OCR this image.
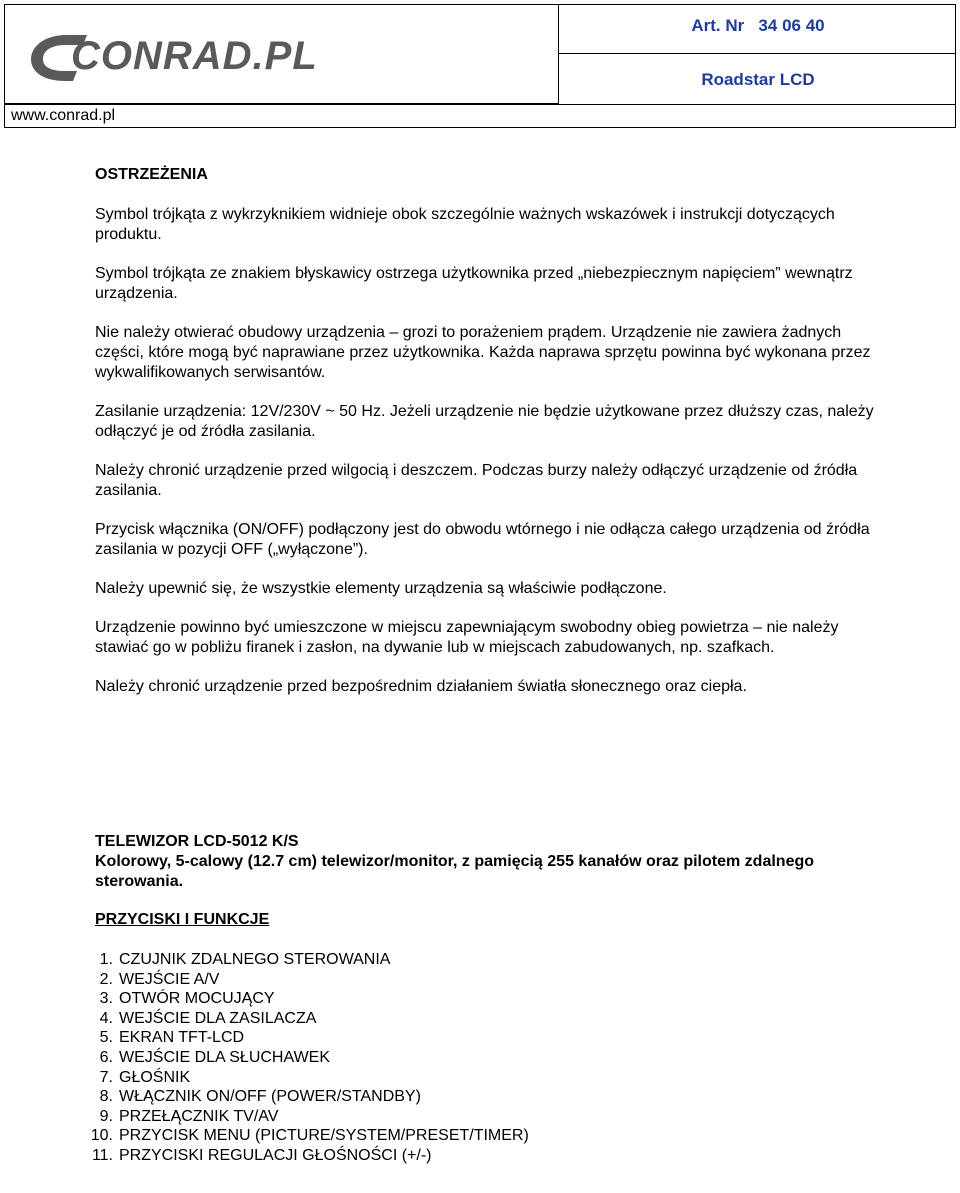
CONRAD.PL
Art. Nr   34 06 40
Roadstar LCD
www.conrad.pl

OSTRZEŻENIA

Symbol trójkąta z wykrzyknikiem widnieje obok szczególnie ważnych wskazówek i instrukcji dotyczących produktu.

Symbol trójkąta ze znakiem błyskawicy ostrzega użytkownika przed „niebezpiecznym napięciem” wewnątrz urządzenia.

Nie należy otwierać obudowy urządzenia – grozi to porażeniem prądem. Urządzenie nie zawiera żadnych części, które mogą być naprawiane przez użytkownika. Każda naprawa sprzętu powinna być wykonana przez wykwalifikowanych serwisantów.

Zasilanie urządzenia: 12V/230V ~ 50 Hz. Jeżeli urządzenie nie będzie użytkowane przez dłuższy czas, należy odłączyć je od źródła zasilania.

Należy chronić urządzenie przed wilgocią i deszczem. Podczas burzy należy odłączyć urządzenie od źródła zasilania.

Przycisk włącznika (ON/OFF) podłączony jest do obwodu wtórnego i nie odłącza całego urządzenia od źródła zasilania w pozycji OFF („wyłączone”).

Należy upewnić się, że wszystkie elementy urządzenia są właściwie podłączone.

Urządzenie powinno być umieszczone w miejscu zapewniającym swobodny obieg powietrza – nie należy stawiać go w pobliżu firanek i zasłon, na dywanie lub w miejscach zabudowanych, np. szafkach.

Należy chronić urządzenie przed bezpośrednim działaniem światła słonecznego oraz ciepła.

TELEWIZOR LCD-5012 K/S

Kolorowy, 5-calowy (12.7 cm) telewizor/monitor, z pamięcią 255 kanałów oraz pilotem zdalnego sterowania.

PRZYCISKI I FUNKCJE

1. CZUJNIK ZDALNEGO STEROWANIA
2. WEJŚCIE A/V
3. OTWÓR MOCUJĄCY
4. WEJŚCIE DLA ZASILACZA
5. EKRAN TFT-LCD
6. WEJŚCIE DLA SŁUCHAWEK
7. GŁOŚNIK
8. WŁĄCZNIK ON/OFF (POWER/STANDBY)
9. PRZEŁĄCZNIK TV/AV
10. PRZYCISK MENU (PICTURE/SYSTEM/PRESET/TIMER)
11. PRZYCISKI REGULACJI GŁOŚNOŚCI (+/-)
